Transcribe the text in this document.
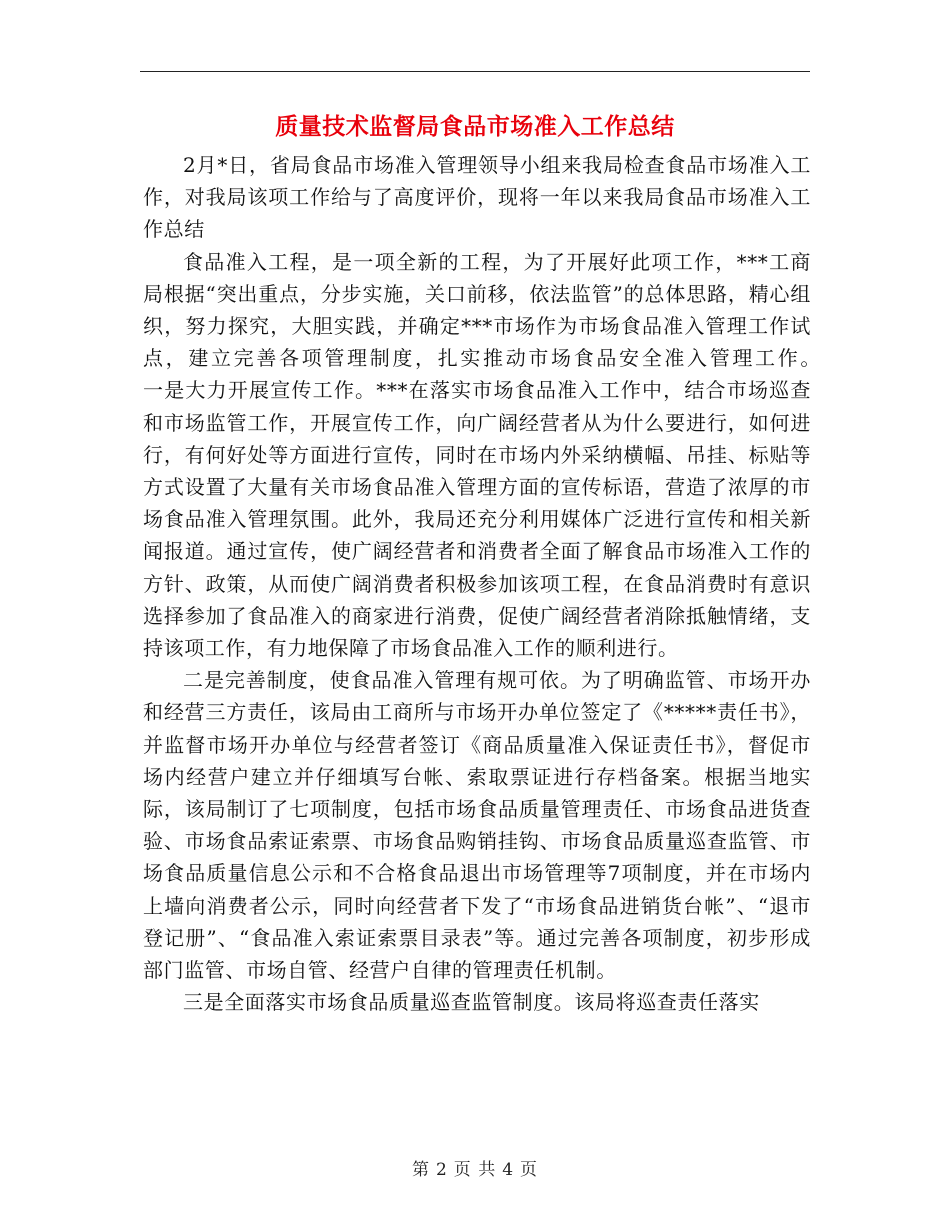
质量技术监督局食品市场准入工作总结

2月*日，省局食品市场准入管理领导小组来我局检查食品市场准入工作，对我局该项工作给与了高度评价，现将一年以来我局食品市场准入工作总结

食品准入工程，是一项全新的工程，为了开展好此项工作，***工商局根据“突出重点，分步实施，关口前移，依法监管”的总体思路，精心组织，努力探究，大胆实践，并确定***市场作为市场食品准入管理工作试点，建立完善各项管理制度，扎实推动市场食品安全准入管理工作。　　一是大力开展宣传工作。***在落实市场食品准入工作中，结合市场巡查和市场监管工作，开展宣传工作，向广阔经营者从为什么要进行，如何进行，有何好处等方面进行宣传，同时在市场内外采纳横幅、吊挂、标贴等方式设置了大量有关市场食品准入管理方面的宣传标语，营造了浓厚的市场食品准入管理氛围。此外，我局还充分利用媒体广泛进行宣传和相关新闻报道。通过宣传，使广阔经营者和消费者全面了解食品市场准入工作的方针、政策，从而使广阔消费者积极参加该项工程，在食品消费时有意识选择参加了食品准入的商家进行消费，促使广阔经营者消除抵触情绪，支持该项工作，有力地保障了市场食品准入工作的顺利进行。

二是完善制度，使食品准入管理有规可依。为了明确监管、市场开办和经营三方责任，该局由工商所与市场开办单位签定了《*****责任书》，并监督市场开办单位与经营者签订《商品质量准入保证责任书》，督促市场内经营户建立并仔细填写台帐、索取票证进行存档备案。根据当地实际，该局制订了七项制度，包括市场食品质量管理责任、市场食品进货查验、市场食品索证索票、市场食品购销挂钩、市场食品质量巡查监管、市场食品质量信息公示和不合格食品退出市场管理等7项制度，并在市场内上墙向消费者公示，同时向经营者下发了“市场食品进销货台帐”、“退市登记册”、“食品准入索证索票目录表”等。通过完善各项制度，初步形成部门监管、市场自管、经营户自律的管理责任机制。

三是全面落实市场食品质量巡查监管制度。该局将巡查责任落实

第 2 页 共 4 页
